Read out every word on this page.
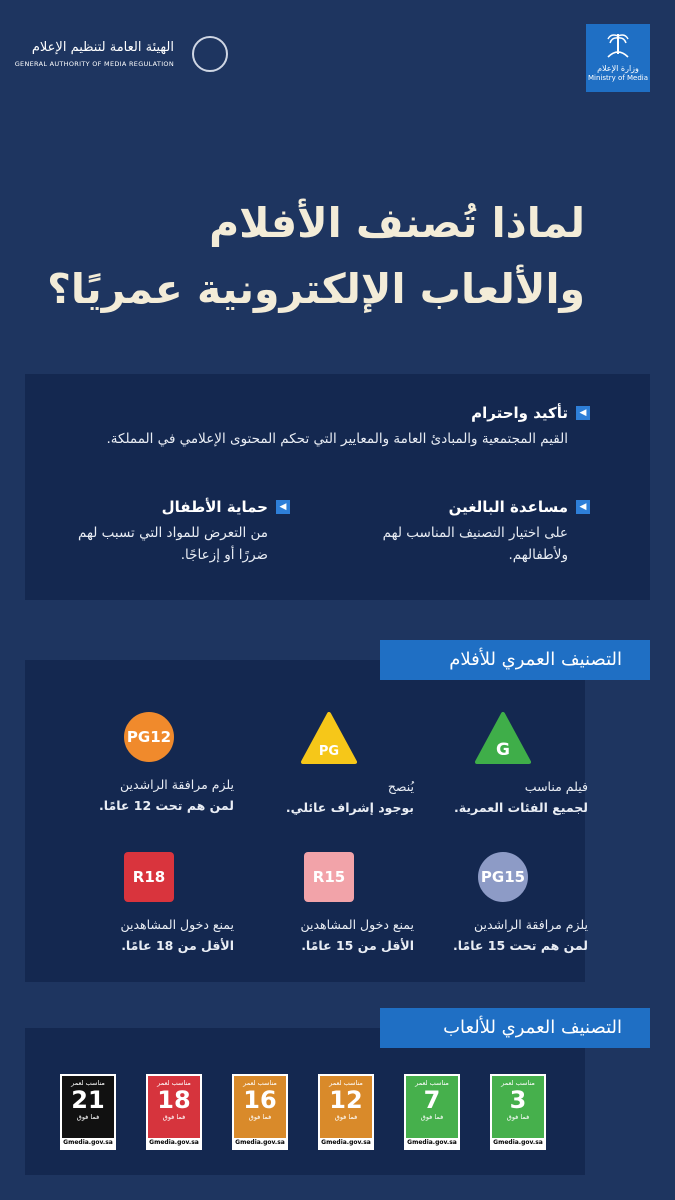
الهيئة العامة لتنظيم الإعلام
GENERAL AUTHORITY OF MEDIA REGULATION	وزارة الإعلام
Ministry of Media
لماذا تُصنف الأفلام
والألعاب الإلكترونية عمريًا؟
◀
تأكيد واحترام
القيم المجتمعية والمبادئ العامة والمعايير التي تحكم المحتوى الإعلامي في المملكة.
◀
مساعدة البالغين
على اختيار التصنيف المناسب لهم ولأطفالهم.
◀
حماية الأطفال
من التعرض للمواد التي تسبب لهم ضررًا أو إزعاجًا.
التصنيف العمري للأفلام
G
فيلم مناسب
لجميع الفئات العمرية.
PG
يُنصح
بوجود إشراف عائلي.
PG12
يلزم مرافقة الراشدين
لمن هم تحت 12 عامًا.
PG15
يلزم مرافقة الراشدين
لمن هم تحت 15 عامًا.
R15
يمنع دخول المشاهدين
الأقل من 15 عامًا.
R18
يمنع دخول المشاهدين
الأقل من 18 عامًا.
التصنيف العمري للألعاب
مناسب لعمر
3
فما فوق
Gmedia.gov.sa
مناسب لعمر
7
فما فوق
Gmedia.gov.sa
مناسب لعمر
12
فما فوق
Gmedia.gov.sa
مناسب لعمر
16
فما فوق
Gmedia.gov.sa
مناسب لعمر
18
فما فوق
Gmedia.gov.sa
مناسب لعمر
21
فما فوق
Gmedia.gov.sa
